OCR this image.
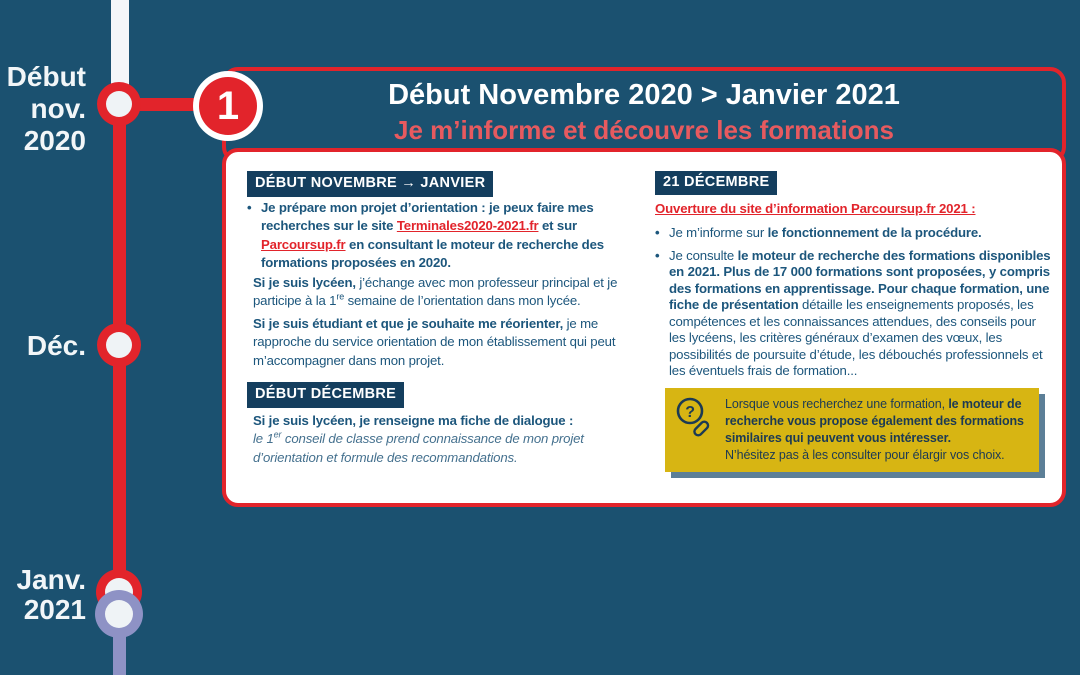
Début
nov.
2020
Déc.
Janv.
2021
1	Début Novembre 2020 > Janvier 2021
Je m’informe et découvre les formations
DÉBUT NOVEMBRE → JANVIER
• Je prépare mon projet d’orientation : je peux faire mes recherches sur le site Terminales2020-2021.fr et sur Parcoursup.fr en consultant le moteur de recherche des formations proposées en 2020.
Si je suis lycéen, j’échange avec mon professeur principal et je participe à la 1re semaine de l’orientation dans mon lycée.
Si je suis étudiant et que je souhaite me réorienter, je me rapproche du service orientation de mon établissement qui peut m’accompagner dans mon projet.
DÉBUT DÉCEMBRE
Si je suis lycéen, je renseigne ma fiche de dialogue :
le 1er conseil de classe prend connaissance de mon projet d’orientation et formule des recommandations.
21 DÉCEMBRE
Ouverture du site d’information Parcoursup.fr 2021 :
• Je m’informe sur le fonctionnement de la procédure.
• Je consulte le moteur de recherche des formations disponibles en 2021. Plus de 17 000 formations sont proposées, y compris des formations en apprentissage. Pour chaque formation, une fiche de présentation détaille les enseignements proposés, les compétences et les connaissances attendues, des conseils pour les lycéens, les critères généraux d’examen des vœux, les possibilités de poursuite d’étude, les débouchés professionnels et les éventuels frais de formation...
? Lorsque vous recherchez une formation, le moteur de recherche vous propose également des formations similaires qui peuvent vous intéresser.
N’hésitez pas à les consulter pour élargir vos choix.
